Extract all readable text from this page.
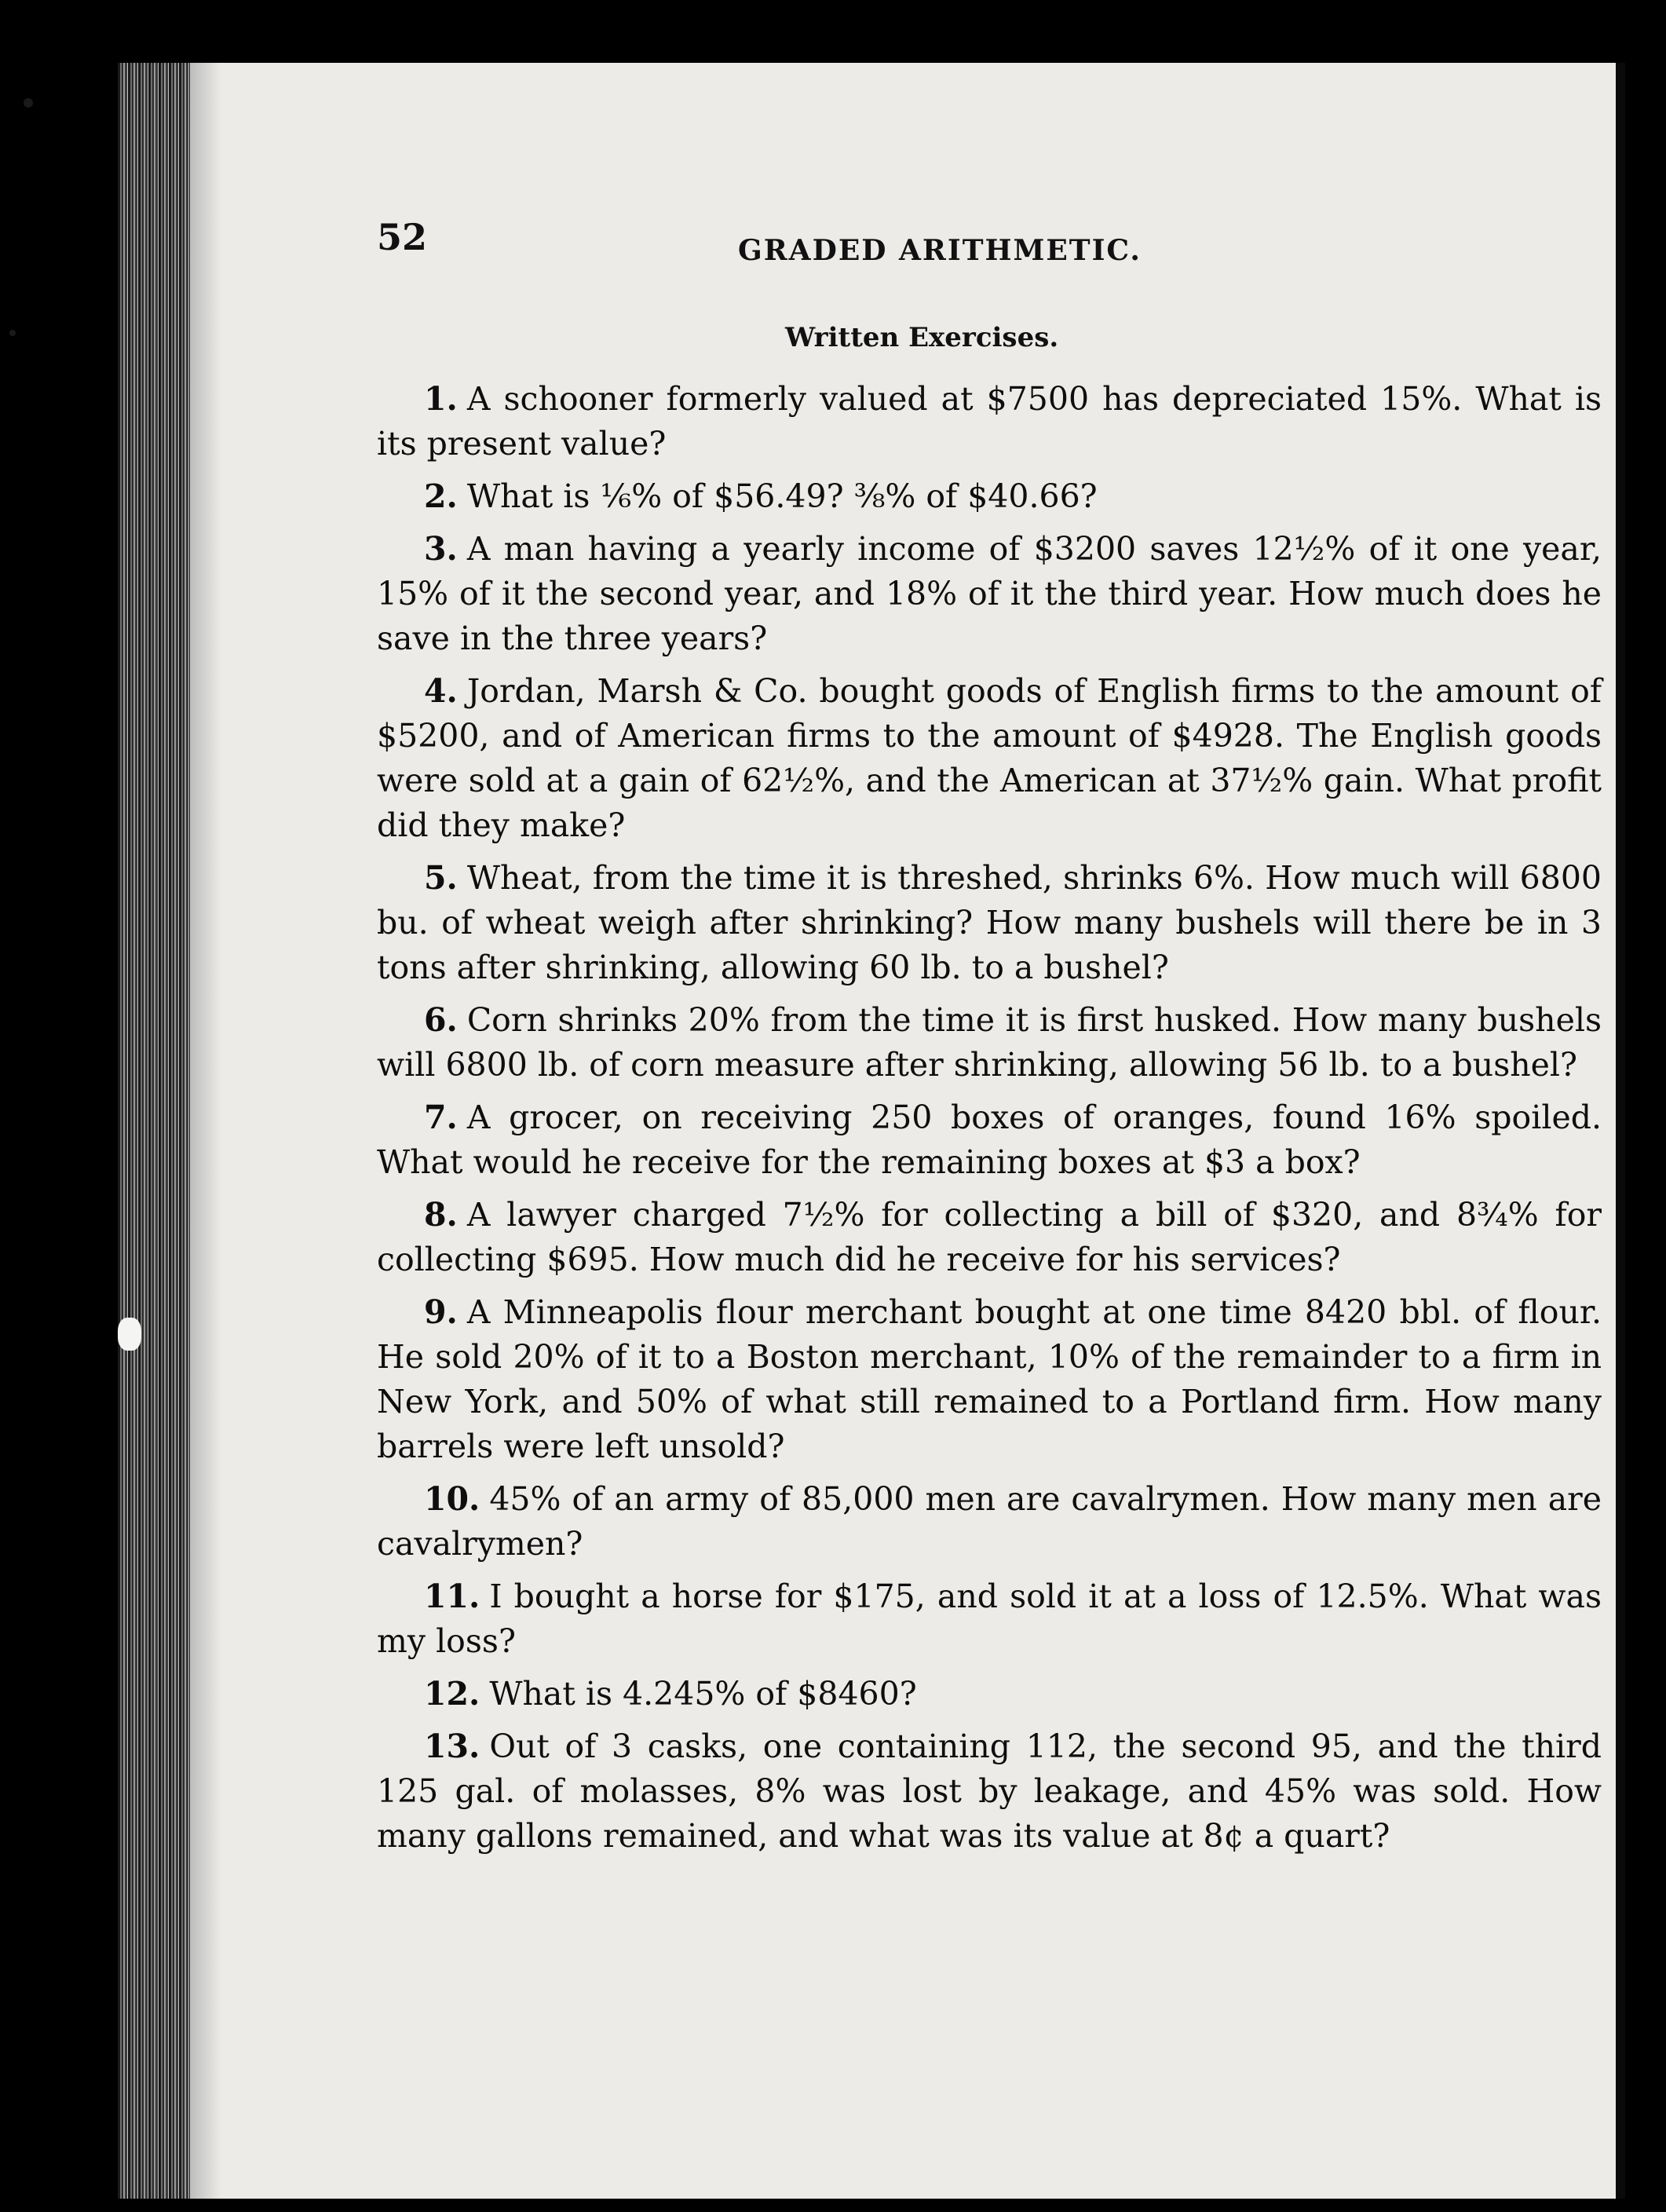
52	GRADED ARITHMETIC.
Written Exercises.

1. A schooner formerly valued at $7500 has depreciated 15%. What is its present value?

2. What is ⅙% of $56.49? ⅜% of $40.66?

3. A man having a yearly income of $3200 saves 12½% of it one year, 15% of it the second year, and 18% of it the third year. How much does he save in the three years?

4. Jordan, Marsh & Co. bought goods of English firms to the amount of $5200, and of American firms to the amount of $4928. The English goods were sold at a gain of 62½%, and the American at 37½% gain. What profit did they make?

5. Wheat, from the time it is threshed, shrinks 6%. How much will 6800 bu. of wheat weigh after shrinking? How many bushels will there be in 3 tons after shrinking, allowing 60 lb. to a bushel?

6. Corn shrinks 20% from the time it is first husked. How many bushels will 6800 lb. of corn measure after shrinking, allowing 56 lb. to a bushel?

7. A grocer, on receiving 250 boxes of oranges, found 16% spoiled. What would he receive for the remaining boxes at $3 a box?

8. A lawyer charged 7½% for collecting a bill of $320, and 8¾% for collecting $695. How much did he receive for his services?

9. A Minneapolis flour merchant bought at one time 8420 bbl. of flour. He sold 20% of it to a Boston merchant, 10% of the remainder to a firm in New York, and 50% of what still remained to a Portland firm. How many barrels were left unsold?

10. 45% of an army of 85,000 men are cavalrymen. How many men are cavalrymen?

11. I bought a horse for $175, and sold it at a loss of 12.5%. What was my loss?

12. What is 4.245% of $8460?

13. Out of 3 casks, one containing 112, the second 95, and the third 125 gal. of molasses, 8% was lost by leakage, and 45% was sold. How many gallons remained, and what was its value at 8¢ a quart?
